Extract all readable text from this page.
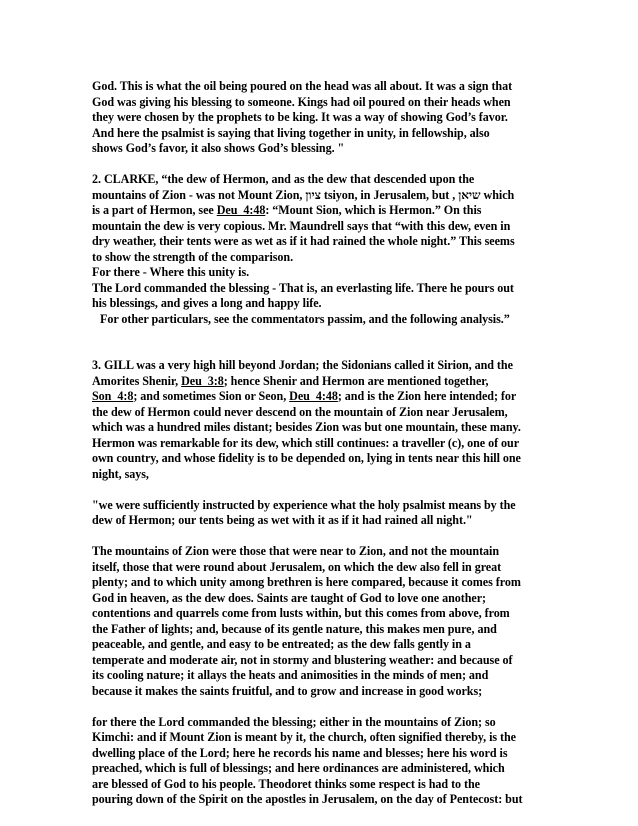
God. This is what the oil being poured on the head was all about. It was a sign that
God was giving his blessing to someone. Kings had oil poured on their heads when
they were chosen by the prophets to be king. It was a way of showing God’s favor.
And here the psalmist is saying that living together in unity, in fellowship, also
shows God’s favor, it also shows God’s blessing. "
2. CLARKE, “the dew of Hermon, and as the dew that descended upon the
mountains of Zion - was not Mount Zion, ציון tsiyon, in Jerusalem, but , שיאן which
is a part of Hermon, see Deu_4:48: “Mount Sion, which is Hermon.” On this
mountain the dew is very copious. Mr. Maundrell says that “with this dew, even in
dry weather, their tents were as wet as if it had rained the whole night.” This seems
to show the strength of the comparison.
For there - Where this unity is.
The Lord commanded the blessing - That is, an everlasting life. There he pours out
his blessings, and gives a long and happy life.
For other particulars, see the commentators passim, and the following analysis.”
3. GILL was a very high hill beyond Jordan; the Sidonians called it Sirion, and the
Amorites Shenir, Deu_3:8; hence Shenir and Hermon are mentioned together,
Son_4:8; and sometimes Sion or Seon, Deu_4:48; and is the Zion here intended; for
the dew of Hermon could never descend on the mountain of Zion near Jerusalem,
which was a hundred miles distant; besides Zion was but one mountain, these many.
Hermon was remarkable for its dew, which still continues: a traveller (c), one of our
own country, and whose fidelity is to be depended on, lying in tents near this hill one
night, says,
"we were sufficiently instructed by experience what the holy psalmist means by the
dew of Hermon; our tents being as wet with it as if it had rained all night."
The mountains of Zion were those that were near to Zion, and not the mountain
itself, those that were round about Jerusalem, on which the dew also fell in great
plenty; and to which unity among brethren is here compared, because it comes from
God in heaven, as the dew does. Saints are taught of God to love one another;
contentions and quarrels come from lusts within, but this comes from above, from
the Father of lights; and, because of its gentle nature, this makes men pure, and
peaceable, and gentle, and easy to be entreated; as the dew falls gently in a
temperate and moderate air, not in stormy and blustering weather: and because of
its cooling nature; it allays the heats and animosities in the minds of men; and
because it makes the saints fruitful, and to grow and increase in good works;
for there the Lord commanded the blessing; either in the mountains of Zion; so
Kimchi: and if Mount Zion is meant by it, the church, often signified thereby, is the
dwelling place of the Lord; here he records his name and blesses; here his word is
preached, which is full of blessings; and here ordinances are administered, which
are blessed of God to his people. Theodoret thinks some respect is had to the
pouring down of the Spirit on the apostles in Jerusalem, on the day of Pentecost: but
